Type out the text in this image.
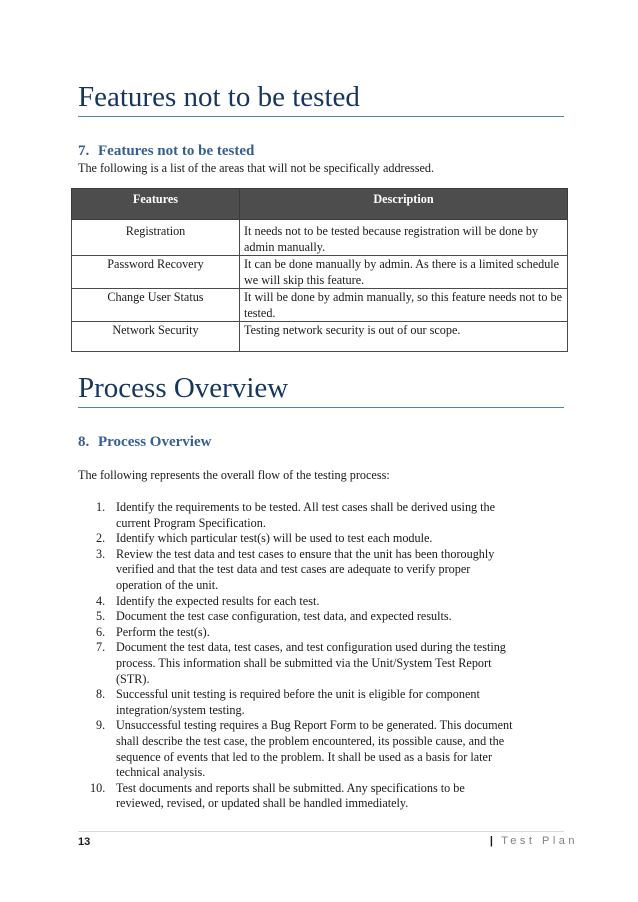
Features not to be tested
7. Features not to be tested
The following is a list of the areas that will not be specifically addressed.
Features	Description
Registration	It needs not to be tested because registration will be done by admin manually.
Password Recovery	It can be done manually by admin. As there is a limited schedule we will skip this feature.
Change User Status	It will be done by admin manually, so this feature needs not to be tested.
Network Security	Testing network security is out of our scope.
Process Overview
8. Process Overview
The following represents the overall flow of the testing process:
1. Identify the requirements to be tested. All test cases shall be derived using the
current Program Specification.
2. Identify which particular test(s) will be used to test each module.
3. Review the test data and test cases to ensure that the unit has been thoroughly
verified and that the test data and test cases are adequate to verify proper
operation of the unit.
4. Identify the expected results for each test.
5. Document the test case configuration, test data, and expected results.
6. Perform the test(s).
7. Document the test data, test cases, and test configuration used during the testing
process. This information shall be submitted via the Unit/System Test Report
(STR).
8. Successful unit testing is required before the unit is eligible for component
integration/system testing.
9. Unsuccessful testing requires a Bug Report Form to be generated. This document
shall describe the test case, the problem encountered, its possible cause, and the
sequence of events that led to the problem. It shall be used as a basis for later
technical analysis.
10. Test documents and reports shall be submitted. Any specifications to be
reviewed, revised, or updated shall be handled immediately.
13	| Test Plan
